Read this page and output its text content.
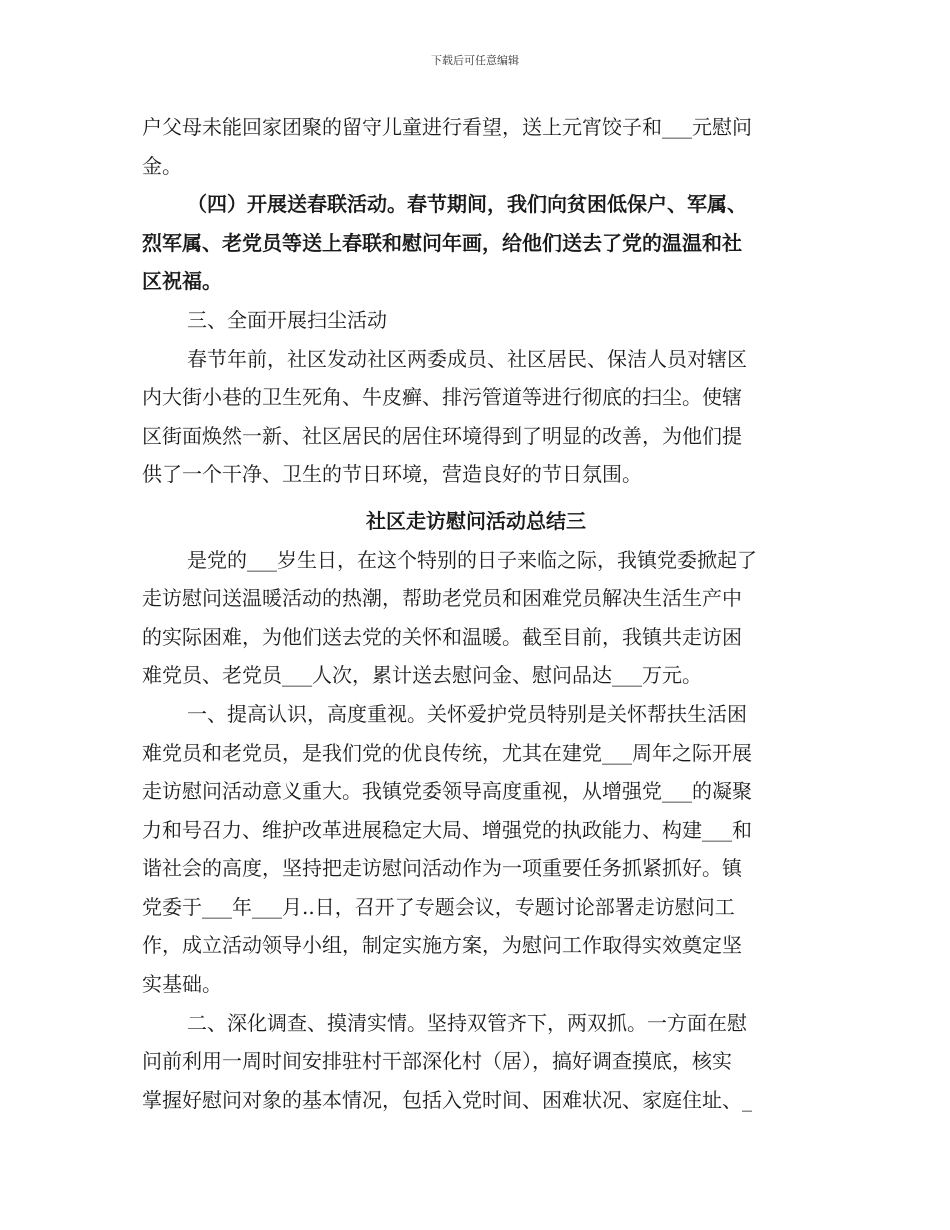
下载后可任意编辑
户父母未能回家团聚的留守儿童进行看望，送上元宵饺子和___元慰问
金。
（四）开展送春联活动。春节期间，我们向贫困低保户、军属、
烈军属、老党员等送上春联和慰问年画，给他们送去了党的温温和社
区祝福。
三、全面开展扫尘活动
春节年前，社区发动社区两委成员、社区居民、保洁人员对辖区
内大街小巷的卫生死角、牛皮癣、排污管道等进行彻底的扫尘。使辖
区街面焕然一新、社区居民的居住环境得到了明显的改善，为他们提
供了一个干净、卫生的节日环境，营造良好的节日氛围。
社区走访慰问活动总结三
是党的___岁生日，在这个特别的日子来临之际，我镇党委掀起了
走访慰问送温暖活动的热潮，帮助老党员和困难党员解决生活生产中
的实际困难，为他们送去党的关怀和温暖。截至目前，我镇共走访困
难党员、老党员___人次，累计送去慰问金、慰问品达___万元。
一、提高认识，高度重视。关怀爱护党员特别是关怀帮扶生活困
难党员和老党员，是我们党的优良传统，尤其在建党___周年之际开展
走访慰问活动意义重大。我镇党委领导高度重视，从增强党___的凝聚
力和号召力、维护改革进展稳定大局、增强党的执政能力、构建___和
谐社会的高度，坚持把走访慰问活动作为一项重要任务抓紧抓好。镇
党委于___年___月..日，召开了专题会议，专题讨论部署走访慰问工
作，成立活动领导小组，制定实施方案，为慰问工作取得实效奠定坚
实基础。
二、深化调查、摸清实情。坚持双管齐下，两双抓。一方面在慰
问前利用一周时间安排驻村干部深化村（居），搞好调查摸底，核实
掌握好慰问对象的基本情况，包括入党时间、困难状况、家庭住址、_
